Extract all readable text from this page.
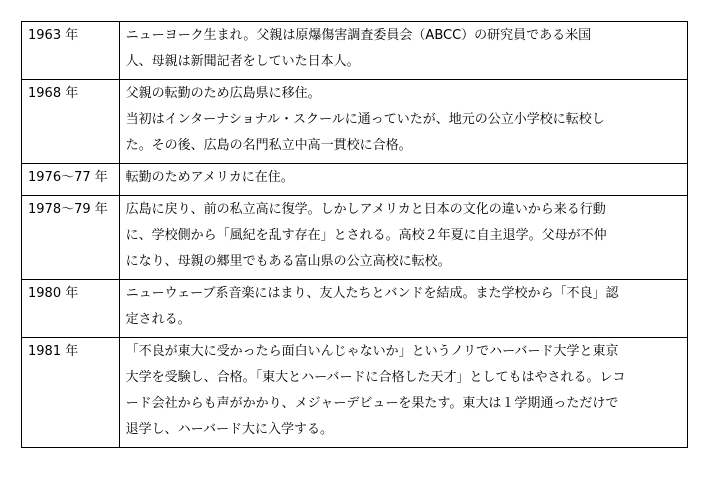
1963 年	ニューヨーク生まれ。父親は原爆傷害調査委員会（ABCC）の研究員である米国
人、母親は新聞記者をしていた日本人。

1968 年	父親の転勤のため広島県に移住。
当初はインターナショナル・スクールに通っていたが、地元の公立小学校に転校し
た。その後、広島の名門私立中高一貫校に合格。

1976〜77 年	転勤のためアメリカに在住。

1978〜79 年	広島に戻り、前の私立高に復学。しかしアメリカと日本の文化の違いから来る行動
に、学校側から「風紀を乱す存在」とされる。高校２年夏に自主退学。父母が不仲
になり、母親の郷里でもある富山県の公立高校に転校。

1980 年	ニューウェーブ系音楽にはまり、友人たちとバンドを結成。また学校から「不良」認
定される。

1981 年	「不良が東大に受かったら面白いんじゃないか」というノリでハーバード大学と東京
大学を受験し、合格。「東大とハーバードに合格した天才」としてもはやされる。レコ
ード会社からも声がかかり、メジャーデビューを果たす。東大は１学期通っただけで
退学し、ハーバード大に入学する。
